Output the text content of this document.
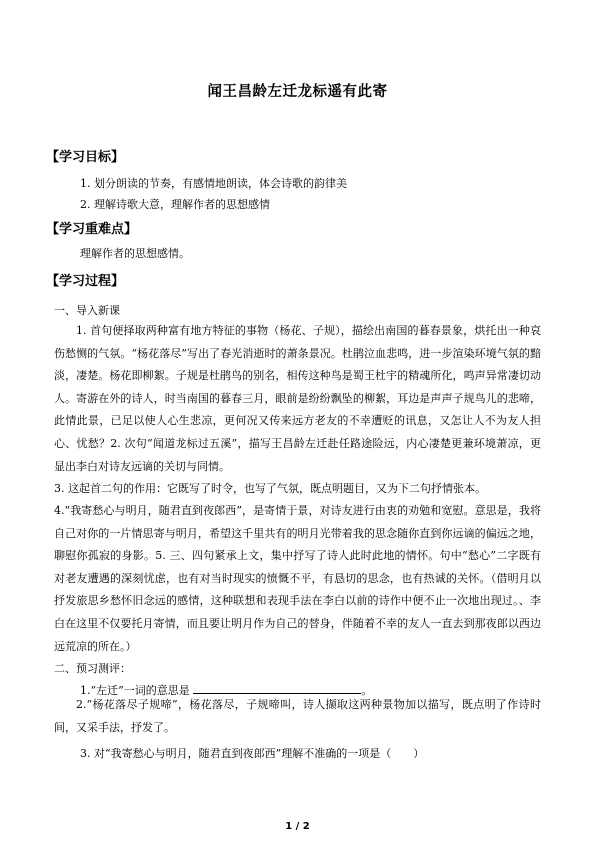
闻王昌龄左迁龙标遥有此寄
【学习目标】
1. 划分朗读的节奏，有感情地朗读，体会诗歌的韵律美
2. 理解诗歌大意，理解作者的思想感情
【学习重难点】
理解作者的思想感情。
【学习过程】
一、导入新课
1. 首句便择取两种富有地方特征的事物（杨花、子规），描绘出南国的暮春景象，烘托出一种哀伤愁恻的气氛。“杨花落尽”写出了春光消逝时的萧条景况。杜鹃泣血悲鸣，进一步渲染环境气氛的黯淡，凄楚。杨花即柳絮。子规是杜鹃鸟的别名，相传这种鸟是蜀王杜宇的精魂所化，鸣声异常凄切动人。寄游在外的诗人，时当南国的暮春三月，眼前是纷纷飘坠的柳絮，耳边是声声子规鸟儿的悲啼，此情此景，已足以使人心生悲凉，更何况又传来远方老友的不幸遭贬的讯息，又怎让人不为友人担心、忧愁？2. 次句“闻道龙标过五溪”，描写王昌龄左迁赴任路途险远，内心凄楚更兼环境萧凉，更显出李白对诗友远谪的关切与同情。
3. 这起首二句的作用：它既写了时令，也写了气氛，既点明题目，又为下二句抒情张本。
4.“我寄愁心与明月，随君直到夜郎西”，是寄情于景，对诗友进行由衷的劝勉和宽慰。意思是，我将自己对你的一片情思寄与明月，希望这千里共有的明月光带着我的思念随你直到你远谪的偏远之地，聊慰你孤寂的身影。5. 三、四句紧承上文，集中抒写了诗人此时此地的情怀。句中“愁心”二字既有对老友遭遇的深刻忧虑，也有对当时现实的愤慨不平，有恳切的思念，也有热诚的关怀。（借明月以抒发旅思乡愁怀旧念远的感情，这种联想和表现手法在李白以前的诗作中便不止一次地出现过。、李白在这里不仅要托月寄情，而且要让明月作为自己的替身，伴随着不幸的友人一直去到那夜郎以西边远荒凉的所在。）
二、预习测评：
1.“左迁”一词的意思是	。
2.“杨花落尽子规啼”，杨花落尽，子规啼叫，诗人撷取这两种景物加以描写，既点明了作诗时间，又采手法，抒发了。
3. 对“我寄愁心与明月，随君直到夜郎西”理解不准确的一项是（　　）
1 / 2
